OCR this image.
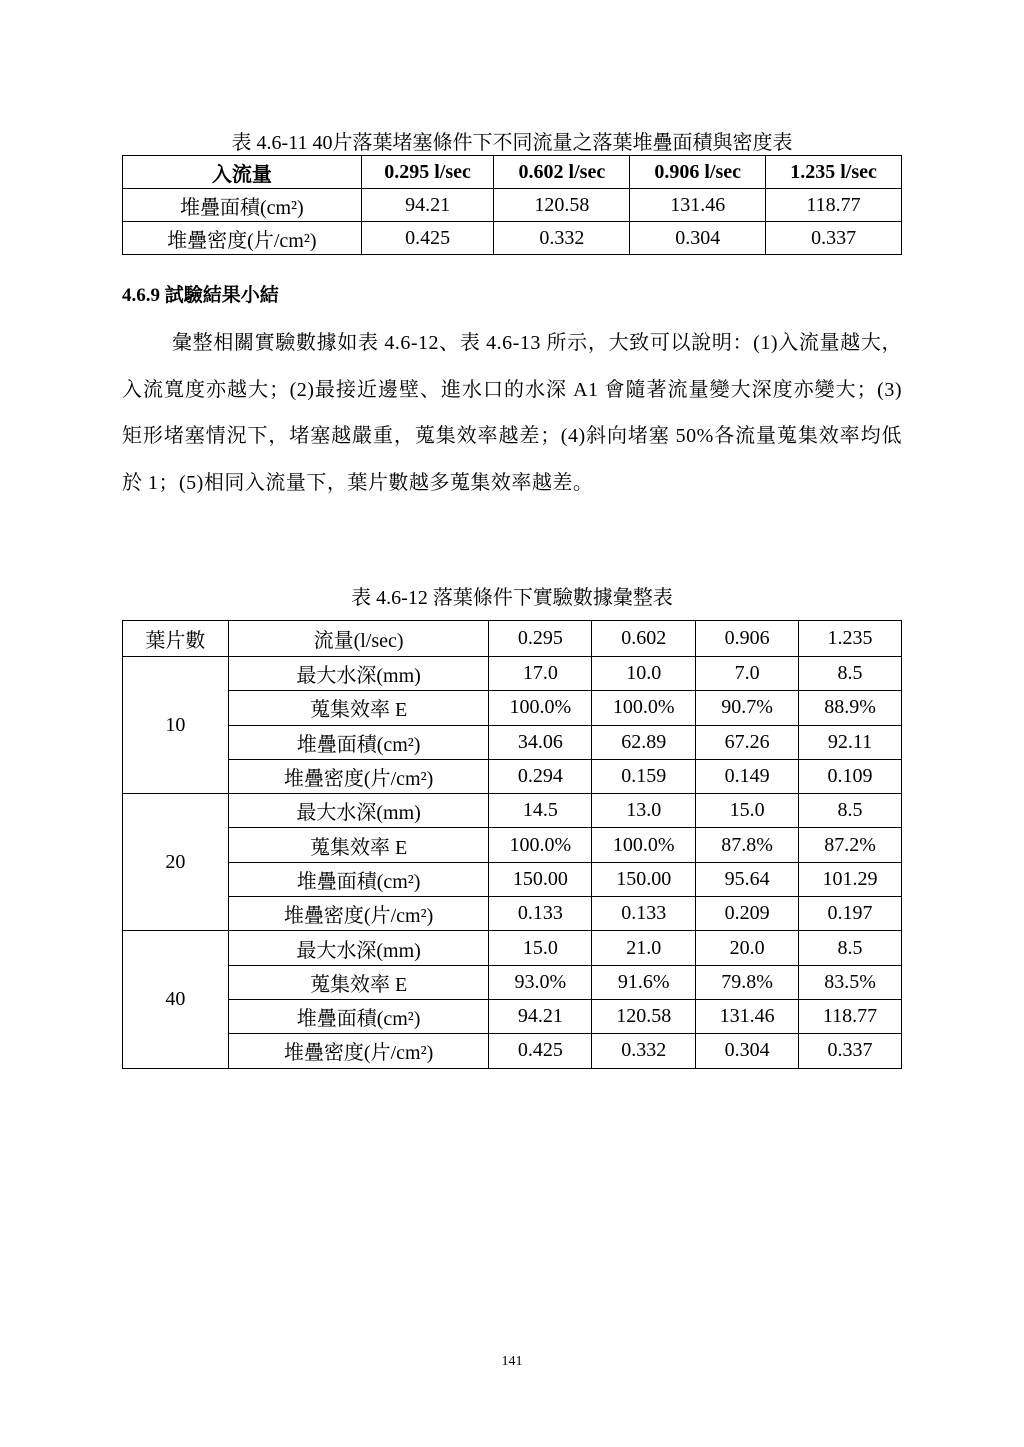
表 4.6-11 40片落葉堵塞條件下不同流量之落葉堆疊面積與密度表
入流量	0.295 l/sec	0.602 l/sec	0.906 l/sec	1.235 l/sec
堆疊面積(cm²)	94.21	120.58	131.46	118.77
堆疊密度(片/cm²)	0.425	0.332	0.304	0.337
4.6.9 試驗結果小結
彙整相關實驗數據如表 4.6-12、表 4.6-13 所示，大致可以說明：(1)入流量越大，入流寬度亦越大；(2)最接近邊壁、進水口的水深 A1 會隨著流量變大深度亦變大；(3)矩形堵塞情況下，堵塞越嚴重，蒐集效率越差；(4)斜向堵塞 50%各流量蒐集效率均低於 1；(5)相同入流量下，葉片數越多蒐集效率越差。
表 4.6-12 落葉條件下實驗數據彙整表
葉片數	流量(l/sec)	0.295	0.602	0.906	1.235
10	最大水深(mm)	17.0	10.0	7.0	8.5
	蒐集效率 E	100.0%	100.0%	90.7%	88.9%
	堆疊面積(cm²)	34.06	62.89	67.26	92.11
	堆疊密度(片/cm²)	0.294	0.159	0.149	0.109
20	最大水深(mm)	14.5	13.0	15.0	8.5
	蒐集效率 E	100.0%	100.0%	87.8%	87.2%
	堆疊面積(cm²)	150.00	150.00	95.64	101.29
	堆疊密度(片/cm²)	0.133	0.133	0.209	0.197
40	最大水深(mm)	15.0	21.0	20.0	8.5
	蒐集效率 E	93.0%	91.6%	79.8%	83.5%
	堆疊面積(cm²)	94.21	120.58	131.46	118.77
	堆疊密度(片/cm²)	0.425	0.332	0.304	0.337
141
